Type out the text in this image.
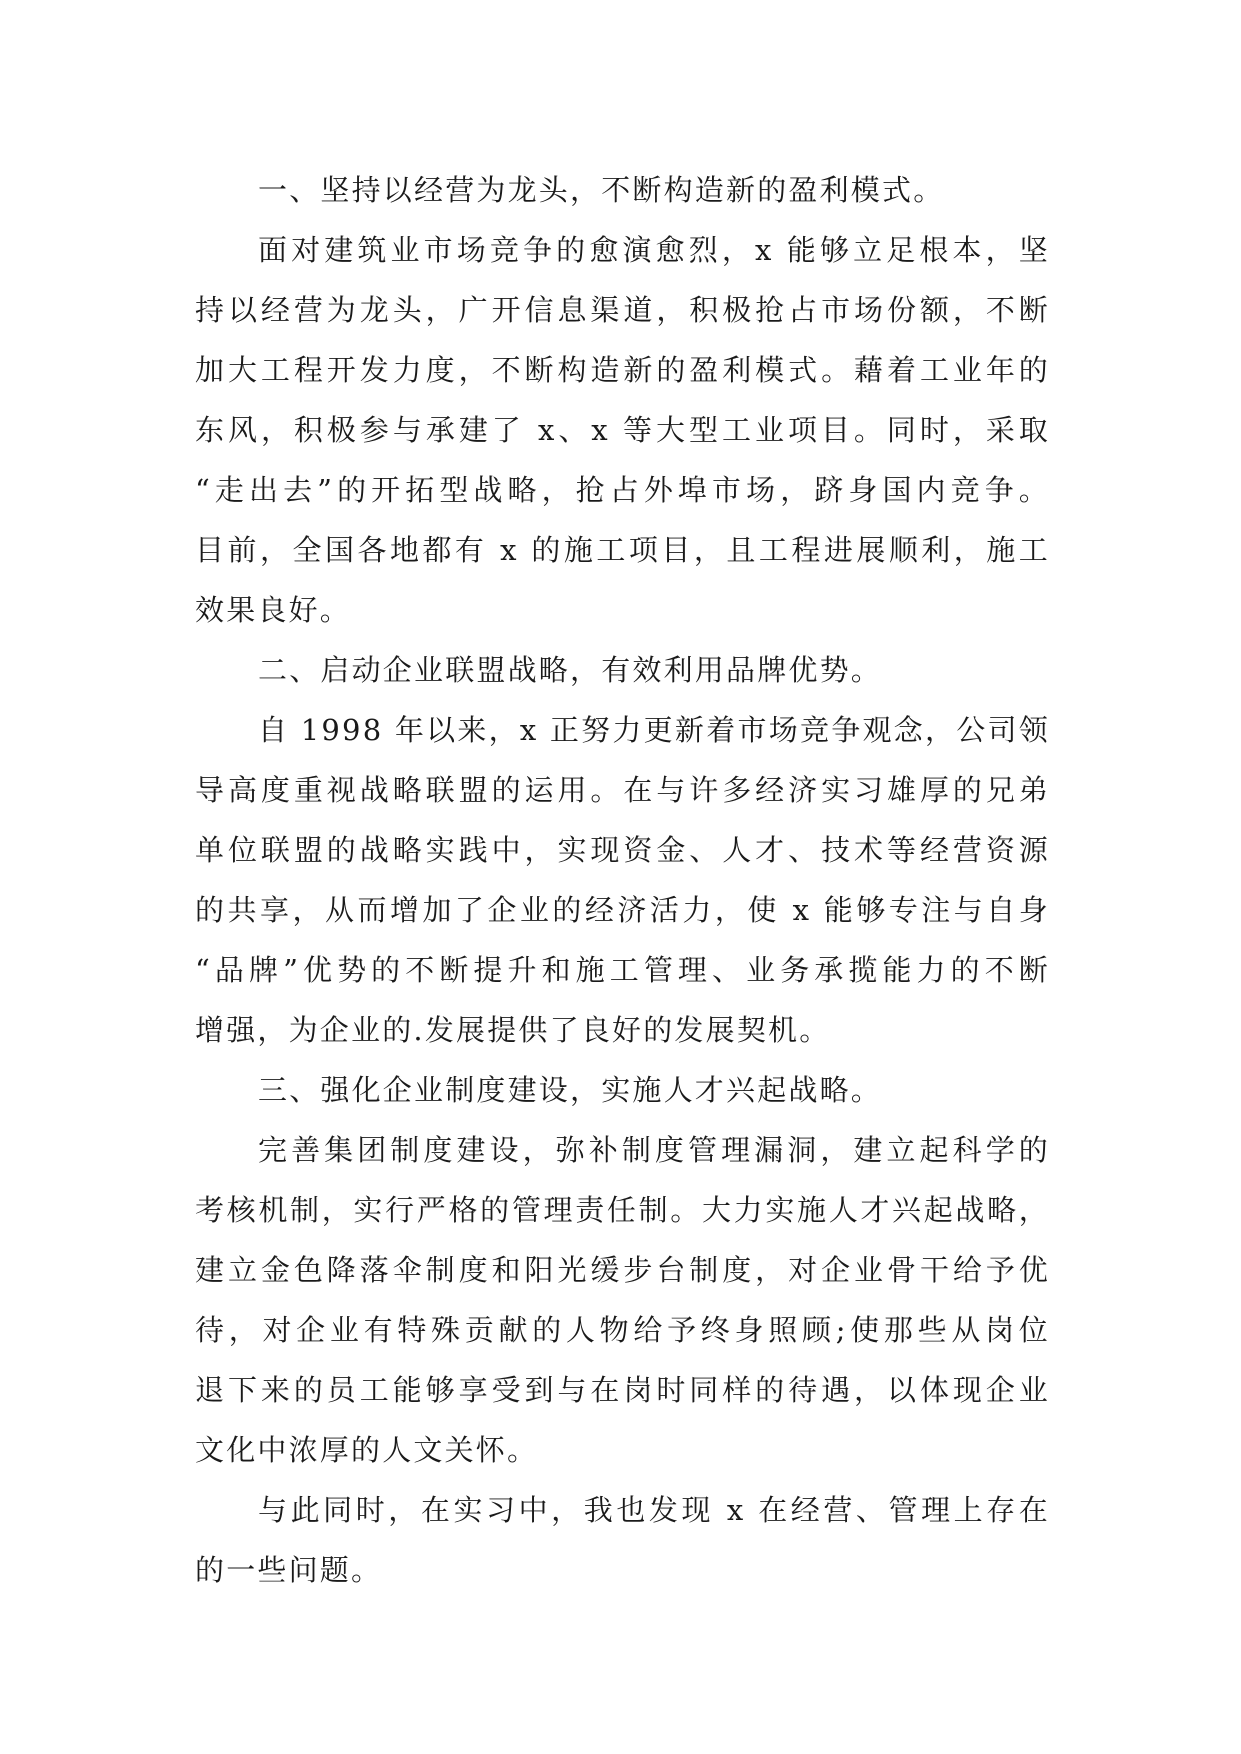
一、坚持以经营为龙头，不断构造新的盈利模式。
面对建筑业市场竞争的愈演愈烈，x 能够立足根本，坚
持以经营为龙头，广开信息渠道，积极抢占市场份额，不断
加大工程开发力度，不断构造新的盈利模式。藉着工业年的
东风，积极参与承建了 x、x 等大型工业项目。同时，采取
“走出去”的开拓型战略，抢占外埠市场，跻身国内竞争。
目前，全国各地都有 x 的施工项目，且工程进展顺利，施工
效果良好。
二、启动企业联盟战略，有效利用品牌优势。
自 1998 年以来，x 正努力更新着市场竞争观念，公司领
导高度重视战略联盟的运用。在与许多经济实习雄厚的兄弟
单位联盟的战略实践中，实现资金、人才、技术等经营资源
的共享，从而增加了企业的经济活力，使 x 能够专注与自身
“品牌”优势的不断提升和施工管理、业务承揽能力的不断
增强，为企业的.发展提供了良好的发展契机。
三、强化企业制度建设，实施人才兴起战略。
完善集团制度建设，弥补制度管理漏洞，建立起科学的
考核机制，实行严格的管理责任制。大力实施人才兴起战略，
建立金色降落伞制度和阳光缓步台制度，对企业骨干给予优
待，对企业有特殊贡献的人物给予终身照顾;使那些从岗位
退下来的员工能够享受到与在岗时同样的待遇，以体现企业
文化中浓厚的人文关怀。
与此同时，在实习中，我也发现 x 在经营、管理上存在
的一些问题。
